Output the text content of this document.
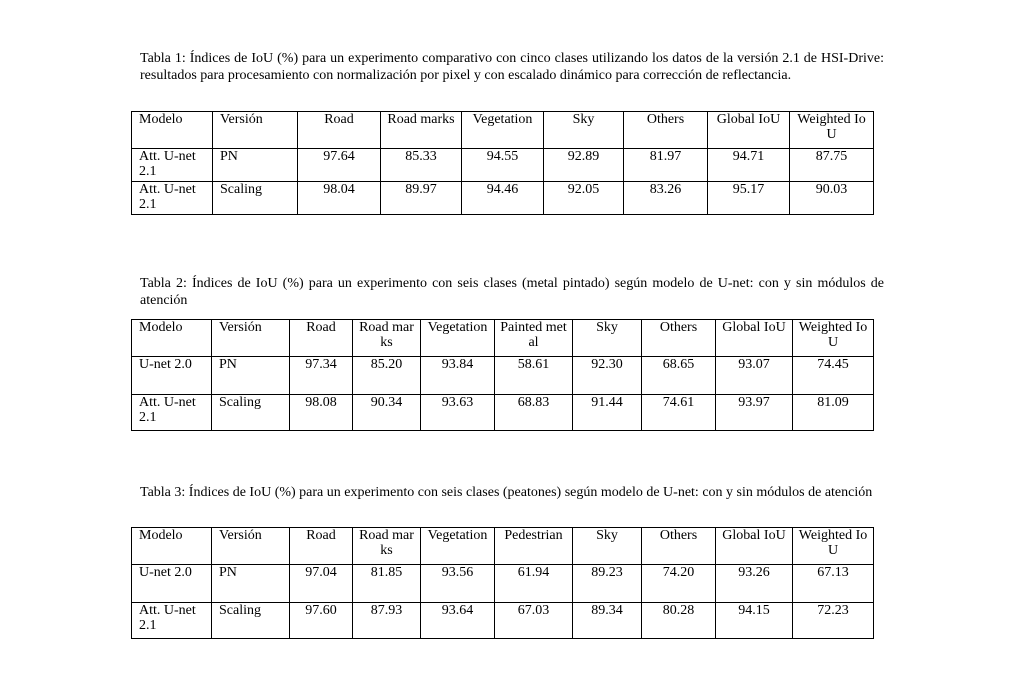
Tabla 1: Índices de IoU (%) para un experimento comparativo con cinco clases utilizando los datos de la versión 2.1 de HSI-Drive: resultados para procesamiento con normalización por pixel y con escalado dinámico para corrección de reflectancia.

Modelo	Versión	Road	Road marks	Vegetation	Sky	Others	Global IoU	Weighted IoU
Att. U-net 2.1	PN	97.64	85.33	94.55	92.89	81.97	94.71	87.75
Att. U-net 2.1	Scaling	98.04	89.97	94.46	92.05	83.26	95.17	90.03

Tabla 2: Índices de IoU (%) para un experimento con seis clases (metal pintado) según modelo de U-net: con y sin módulos de atención

Modelo	Versión	Road	Road marks	Vegetation	Painted metal	Sky	Others	Global IoU	Weighted IoU
U-net 2.0	PN	97.34	85.20	93.84	58.61	92.30	68.65	93.07	74.45
Att. U-net 2.1	Scaling	98.08	90.34	93.63	68.83	91.44	74.61	93.97	81.09

Tabla 3: Índices de IoU (%) para un experimento con seis clases (peatones) según modelo de U-net: con y sin módulos de atención

Modelo	Versión	Road	Road marks	Vegetation	Pedestrian	Sky	Others	Global IoU	Weighted IoU
U-net 2.0	PN	97.04	81.85	93.56	61.94	89.23	74.20	93.26	67.13
Att. U-net 2.1	Scaling	97.60	87.93	93.64	67.03	89.34	80.28	94.15	72.23
